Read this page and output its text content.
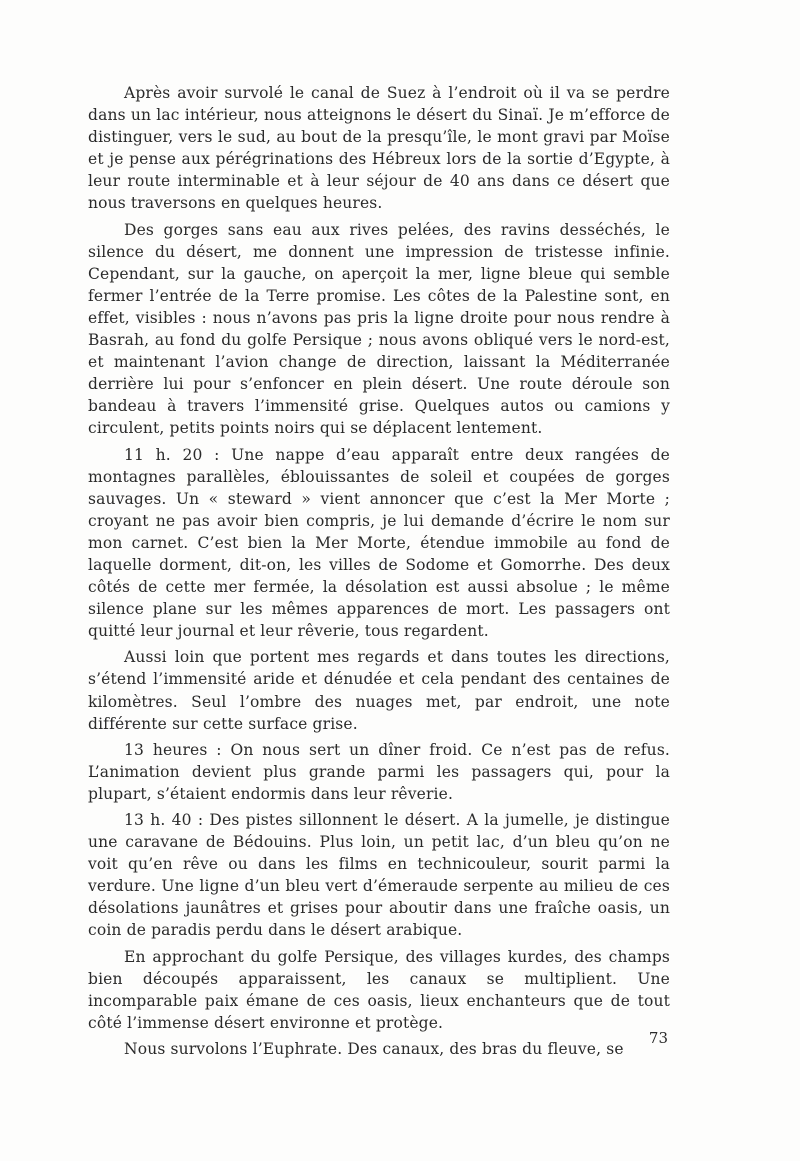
Après avoir survolé le canal de Suez à l’endroit où il va se perdre dans un lac intérieur, nous atteignons le désert du Sinaï. Je m’efforce de distinguer, vers le sud, au bout de la presqu’île, le mont gravi par Moïse et je pense aux pérégrinations des Hébreux lors de la sortie d’Egypte, à leur route interminable et à leur séjour de 40 ans dans ce désert que nous traversons en quelques heures.

Des gorges sans eau aux rives pelées, des ravins desséchés, le silence du désert, me donnent une impression de tristesse infinie. Cependant, sur la gauche, on aperçoit la mer, ligne bleue qui semble fermer l’entrée de la Terre promise. Les côtes de la Palestine sont, en effet, visibles : nous n’avons pas pris la ligne droite pour nous rendre à Basrah, au fond du golfe Persique ; nous avons obliqué vers le nord-est, et maintenant l’avion change de direction, laissant la Méditerranée derrière lui pour s’enfoncer en plein désert. Une route déroule son bandeau à travers l’immensité grise. Quelques autos ou camions y circulent, petits points noirs qui se déplacent lentement.

11 h. 20 : Une nappe d’eau apparaît entre deux rangées de montagnes parallèles, éblouissantes de soleil et coupées de gorges sauvages. Un « steward » vient annoncer que c’est la Mer Morte ; croyant ne pas avoir bien compris, je lui demande d’écrire le nom sur mon carnet. C’est bien la Mer Morte, étendue immobile au fond de laquelle dorment, dit-on, les villes de Sodome et Gomorrhe. Des deux côtés de cette mer fermée, la désolation est aussi absolue ; le même silence plane sur les mêmes apparences de mort. Les passagers ont quitté leur journal et leur rêverie, tous regardent.

Aussi loin que portent mes regards et dans toutes les directions, s’étend l’immensité aride et dénudée et cela pendant des centaines de kilomètres. Seul l’ombre des nuages met, par endroit, une note différente sur cette surface grise.

13 heures : On nous sert un dîner froid. Ce n’est pas de refus. L’animation devient plus grande parmi les passagers qui, pour la plupart, s’étaient endormis dans leur rêverie.

13 h. 40 : Des pistes sillonnent le désert. A la jumelle, je distingue une caravane de Bédouins. Plus loin, un petit lac, d’un bleu qu’on ne voit qu’en rêve ou dans les films en technicouleur, sourit parmi la verdure. Une ligne d’un bleu vert d’émeraude serpente au milieu de ces désolations jaunâtres et grises pour aboutir dans une fraîche oasis, un coin de paradis perdu dans le désert arabique.

En approchant du golfe Persique, des villages kurdes, des champs bien découpés apparaissent, les canaux se multiplient. Une incomparable paix émane de ces oasis, lieux enchanteurs que de tout côté l’immense désert environne et protège.

Nous survolons l’Euphrate. Des canaux, des bras du fleuve, se

73
